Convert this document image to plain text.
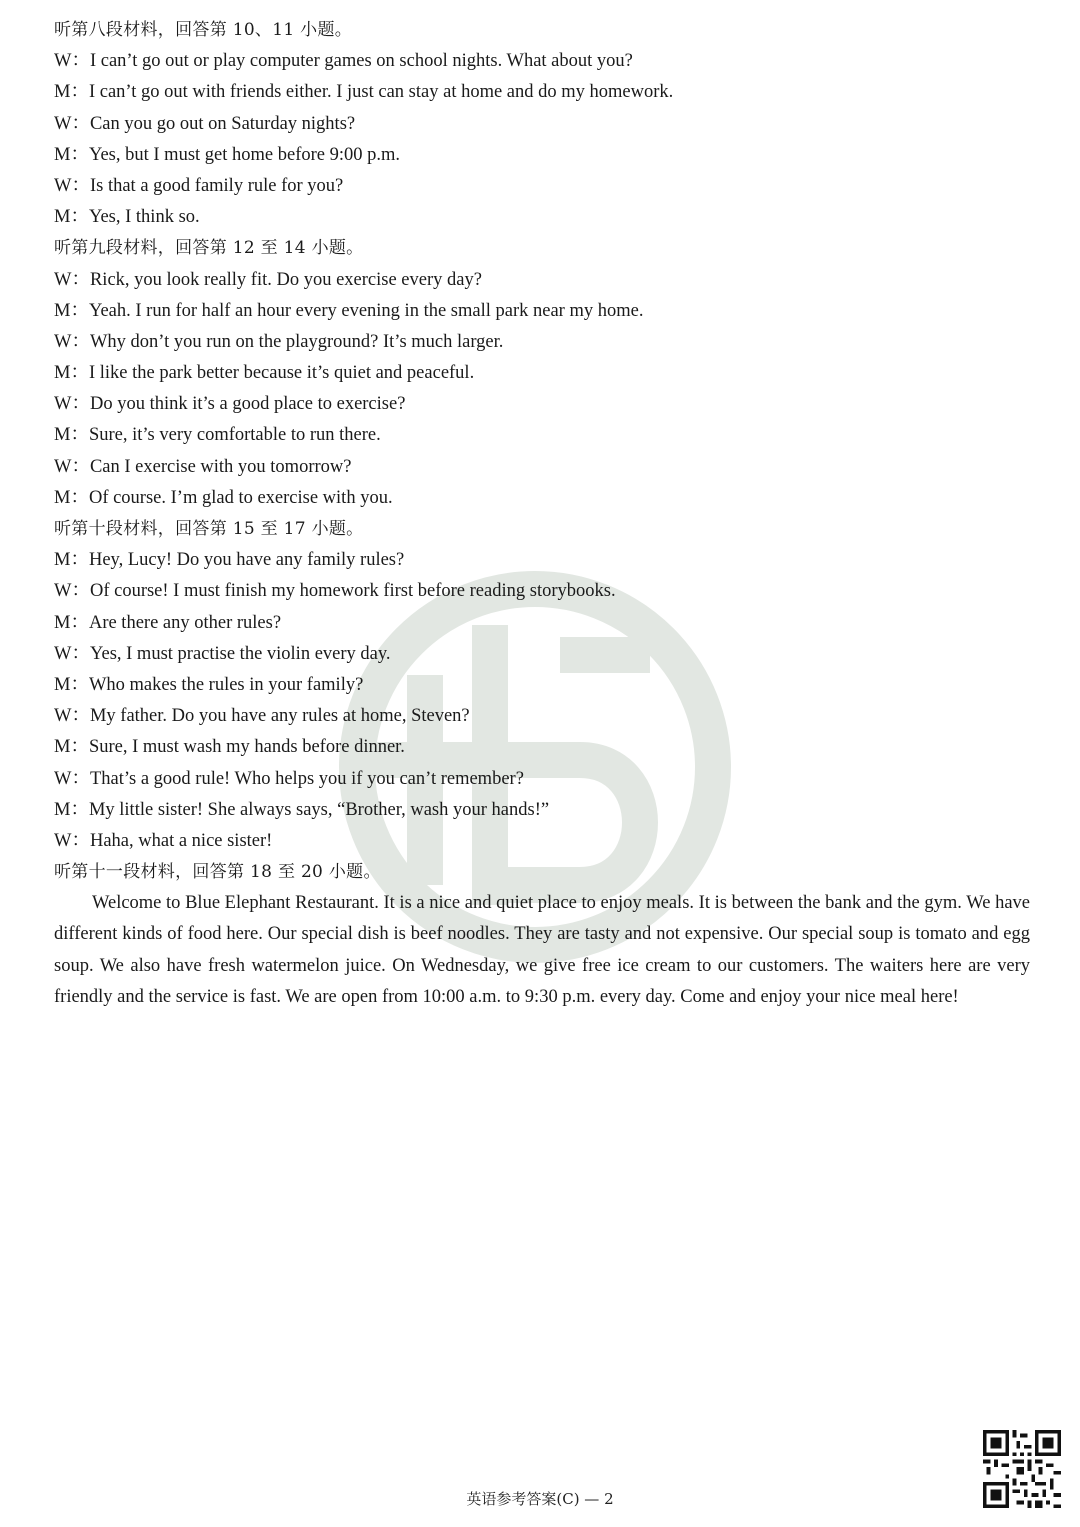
听第八段材料，回答第 10、11 小题。
W：I can’t go out or play computer games on school nights. What about you?
M：I can’t go out with friends either. I just can stay at home and do my homework.
W：Can you go out on Saturday nights?
M：Yes, but I must get home before 9:00 p.m.
W：Is that a good family rule for you?
M：Yes, I think so.
听第九段材料，回答第 12 至 14 小题。
W：Rick, you look really fit. Do you exercise every day?
M：Yeah. I run for half an hour every evening in the small park near my home.
W：Why don’t you run on the playground? It’s much larger.
M：I like the park better because it’s quiet and peaceful.
W：Do you think it’s a good place to exercise?
M：Sure, it’s very comfortable to run there.
W：Can I exercise with you tomorrow?
M：Of course. I’m glad to exercise with you.
听第十段材料，回答第 15 至 17 小题。
M：Hey, Lucy! Do you have any family rules?
W：Of course! I must finish my homework first before reading storybooks.
M：Are there any other rules?
W：Yes, I must practise the violin every day.
M：Who makes the rules in your family?
W：My father. Do you have any rules at home, Steven?
M：Sure, I must wash my hands before dinner.
W：That’s a good rule! Who helps you if you can’t remember?
M：My little sister! She always says, “Brother, wash your hands!”
W：Haha, what a nice sister!
听第十一段材料，回答第 18 至 20 小题。

Welcome to Blue Elephant Restaurant. It is a nice and quiet place to enjoy meals. It is between the bank and the gym. We have different kinds of food here. Our special dish is beef noodles. They are tasty and not expensive. Our special soup is tomato and egg soup. We also have fresh watermelon juice. On Wednesday, we give free ice cream to our customers. The waiters here are very friendly and the service is fast. We are open from 10:00 a.m. to 9:30 p.m. every day. Come and enjoy your nice meal here!

英语参考答案(C) — 2
